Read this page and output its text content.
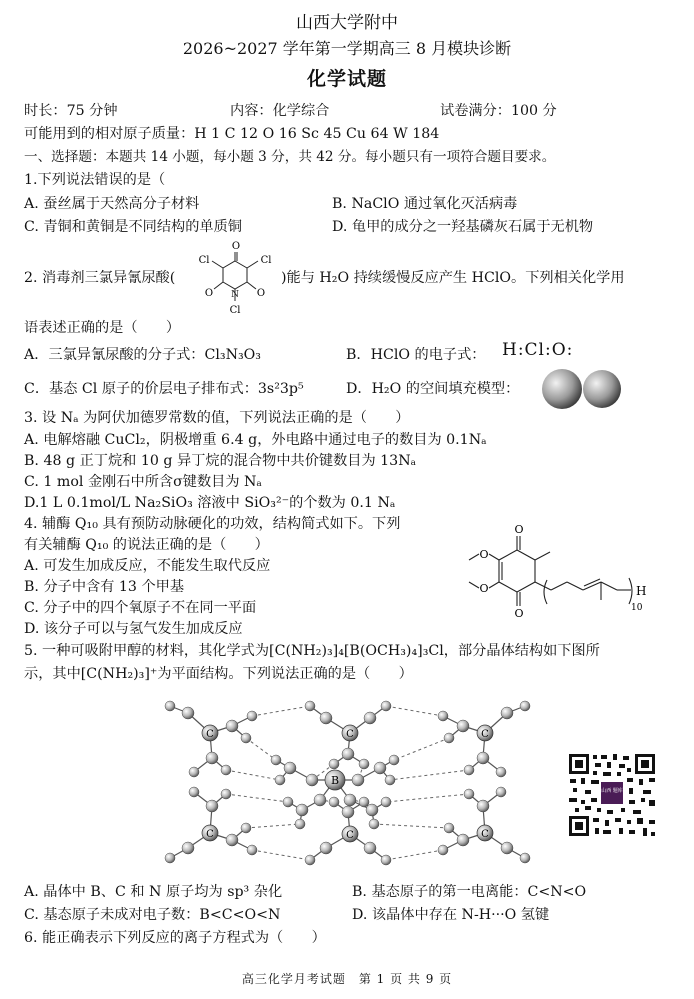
山西大学附中
2026~2027 学年第一学期高三 8 月模块诊断
化学试题
时长：75 分钟	内容：化学综合	试卷满分：100 分
可能用到的相对原子质量：H 1 C 12 O 16 Sc 45 Cu 64 W 184
一、选择题：本题共 14 小题，每小题 3 分，共 42 分。每小题只有一项符合题目要求。
1.下列说法错误的是（
A. 蚕丝属于天然高分子材料	B. NaClO 通过氧化灭活病毒
C. 青铜和黄铜是不同结构的单质铜	D. 龟甲的成分之一羟基磷灰石属于无机物
2. 消毒剂三氯异氰尿酸(
O
Cl	Cl
O	O
N
Cl
)能与 H₂O 持续缓慢反应产生 HClO。下列相关化学用
语表述正确的是（　　）
A．三氯异氰尿酸的分子式：Cl₃N₃O₃	B．HClO 的电子式： H:Cl:O:
C．基态 Cl 原子的价层电子排布式：3s²3p⁵	D．H₂O 的空间填充模型：
3. 设 Nₐ 为阿伏加德罗常数的值，下列说法正确的是（　　）
A. 电解熔融 CuCl₂，阴极增重 6.4 g，外电路中通过电子的数目为 0.1Nₐ
B. 48 g 正丁烷和 10 g 异丁烷的混合物中共价键数目为 13Nₐ
C. 1 mol 金刚石中所含σ键数目为 Nₐ
D.1 L 0.1mol/L Na₂SiO₃ 溶液中 SiO₃²⁻的个数为 0.1 Nₐ
4. 辅酶 Q₁₀ 具有预防动脉硬化的功效，结构简式如下。下列
有关辅酶 Q₁₀ 的说法正确的是（　　）
A. 可发生加成反应，不能发生取代反应
B. 分子中含有 13 个甲基
C. 分子中的四个氧原子不在同一平面
D. 该分子可以与氢气发生加成反应
O
O
O
O	H
10
5. 一种可吸附甲醇的材料，其化学式为[C(NH₂)₃]₄[B(OCH₃)₄]₃Cl，部分晶体结构如下图所
示，其中[C(NH₂)₃]⁺为平面结构。下列说法正确的是（　　）
C
C
C
C
C
C
B
山西 题库
A. 晶体中 B、C 和 N 原子均为 sp³ 杂化	B. 基态原子的第一电离能：C<N<O
C. 基态原子未成对电子数：B<C<O<N	D. 该晶体中存在 N-H···O 氢键
6. 能正确表示下列反应的离子方程式为（　　）
高三化学月考试题　第 1 页 共 9 页
